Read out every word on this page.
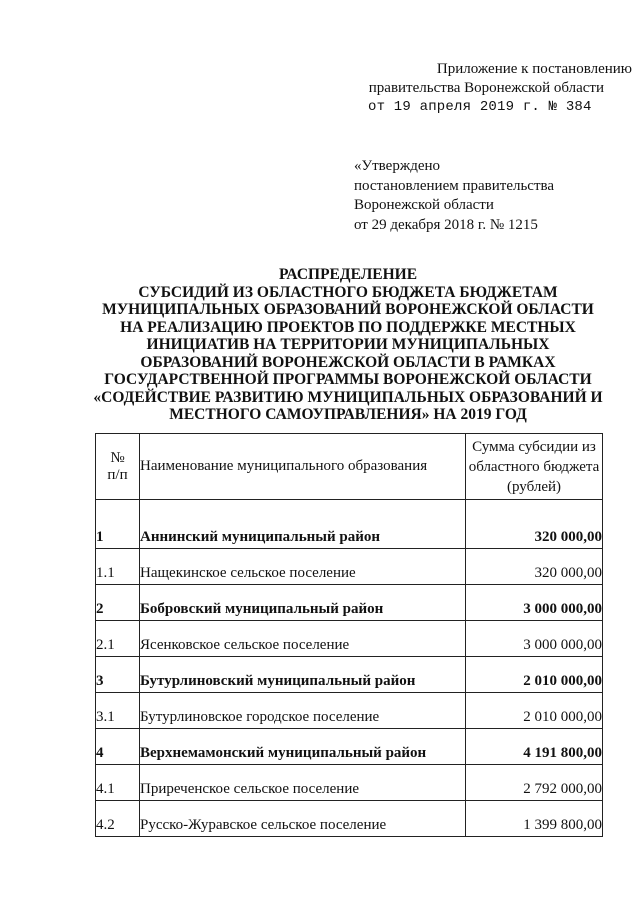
Приложение к постановлению
правительства Воронежской области
от 19 апреля 2019 г. № 384
«Утверждено
постановлением правительства
Воронежской области
от 29 декабря 2018 г. № 1215
РАСПРЕДЕЛЕНИЕ
СУБСИДИЙ ИЗ ОБЛАСТНОГО БЮДЖЕТА БЮДЖЕТАМ
МУНИЦИПАЛЬНЫХ ОБРАЗОВАНИЙ ВОРОНЕЖСКОЙ ОБЛАСТИ
НА РЕАЛИЗАЦИЮ ПРОЕКТОВ ПО ПОДДЕРЖКЕ МЕСТНЫХ
ИНИЦИАТИВ НА ТЕРРИТОРИИ МУНИЦИПАЛЬНЫХ
ОБРАЗОВАНИЙ ВОРОНЕЖСКОЙ ОБЛАСТИ В РАМКАХ
ГОСУДАРСТВЕННОЙ ПРОГРАММЫ ВОРОНЕЖСКОЙ ОБЛАСТИ
«СОДЕЙСТВИЕ РАЗВИТИЮ МУНИЦИПАЛЬНЫХ ОБРАЗОВАНИЙ И
МЕСТНОГО САМОУПРАВЛЕНИЯ» НА 2019 ГОД
№
п/п	Наименование муниципального образования	Сумма субсидии из
областного бюджета
(рублей)
1	Аннинский муниципальный район	320 000,00
1.1	Нащекинское сельское поселение	320 000,00
2	Бобровский муниципальный район	3 000 000,00
2.1	Ясенковское сельское поселение	3 000 000,00
3	Бутурлиновский муниципальный район	2 010 000,00
3.1	Бутурлиновское городское поселение	2 010 000,00
4	Верхнемамонский муниципальный район	4 191 800,00
4.1	Приреченское сельское поселение	2 792 000,00
4.2	Русско-Журавское сельское поселение	1 399 800,00
